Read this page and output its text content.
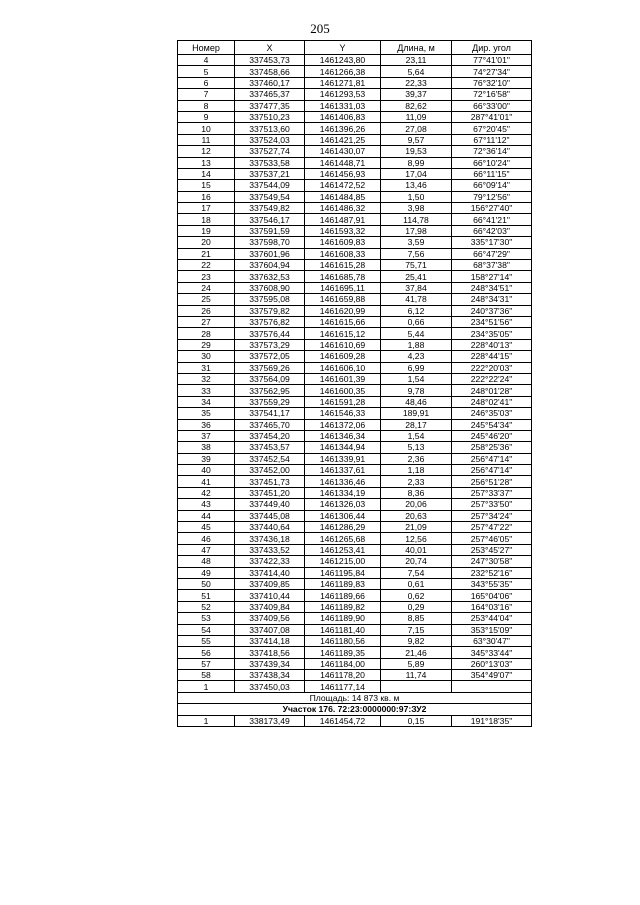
205
Номер	X	Y	Длина, м	Дир. угол
4	337453,73	1461243,80	23,11	77°41'01"
5	337458,66	1461266,38	5,64	74°27'34"
6	337460,17	1461271,81	22,33	76°32'10"
7	337465,37	1461293,53	39,37	72°16'58"
8	337477,35	1461331,03	82,62	66°33'00"
9	337510,23	1461406,83	11,09	287°41'01"
10	337513,60	1461396,26	27,08	67°20'45"
11	337524,03	1461421,25	9,57	67°11'12"
12	337527,74	1461430,07	19,53	72°36'14"
13	337533,58	1461448,71	8,99	66°10'24"
14	337537,21	1461456,93	17,04	66°11'15"
15	337544,09	1461472,52	13,46	66°09'14"
16	337549,54	1461484,85	1,50	79°12'56"
17	337549,82	1461486,32	3,98	156°27'40"
18	337546,17	1461487,91	114,78	66°41'21"
19	337591,59	1461593,32	17,98	66°42'03"
20	337598,70	1461609,83	3,59	335°17'30"
21	337601,96	1461608,33	7,56	66°47'29"
22	337604,94	1461615,28	75,71	68°37'38"
23	337632,53	1461685,78	25,41	158°27'14"
24	337608,90	1461695,11	37,84	248°34'51"
25	337595,08	1461659,88	41,78	248°34'31"
26	337579,82	1461620,99	6,12	240°37'36"
27	337576,82	1461615,66	0,66	234°51'56"
28	337576,44	1461615,12	5,44	234°35'05"
29	337573,29	1461610,69	1,88	228°40'13"
30	337572,05	1461609,28	4,23	228°44'15"
31	337569,26	1461606,10	6,99	222°20'03"
32	337564,09	1461601,39	1,54	222°22'24"
33	337562,95	1461600,35	9,78	248°01'28"
34	337559,29	1461591,28	48,46	248°02'41"
35	337541,17	1461546,33	189,91	246°35'03"
36	337465,70	1461372,06	28,17	245°54'34"
37	337454,20	1461346,34	1,54	245°46'20"
38	337453,57	1461344,94	5,13	258°25'36"
39	337452,54	1461339,91	2,36	256°47'14"
40	337452,00	1461337,61	1,18	256°47'14"
41	337451,73	1461336,46	2,33	256°51'28"
42	337451,20	1461334,19	8,36	257°33'37"
43	337449,40	1461326,03	20,06	257°33'50"
44	337445,08	1461306,44	20,63	257°34'24"
45	337440,64	1461286,29	21,09	257°47'22"
46	337436,18	1461265,68	12,56	257°46'05"
47	337433,52	1461253,41	40,01	253°45'27"
48	337422,33	1461215,00	20,74	247°30'58"
49	337414,40	1461195,84	7,54	232°52'16"
50	337409,85	1461189,83	0,61	343°55'35"
51	337410,44	1461189,66	0,62	165°04'06"
52	337409,84	1461189,82	0,29	164°03'16"
53	337409,56	1461189,90	8,85	253°44'04"
54	337407,08	1461181,40	7,15	353°15'09"
55	337414,18	1461180,56	9,82	63°30'47"
56	337418,56	1461189,35	21,46	345°33'44"
57	337439,34	1461184,00	5,89	260°13'03"
58	337438,34	1461178,20	11,74	354°49'07"
1	337450,03	1461177,14		
Площадь: 14 873 кв. м				
Участок 176. 72:23:0000000:97:ЗУ2				
1	338173,49	1461454,72	0,15	191°18'35"
